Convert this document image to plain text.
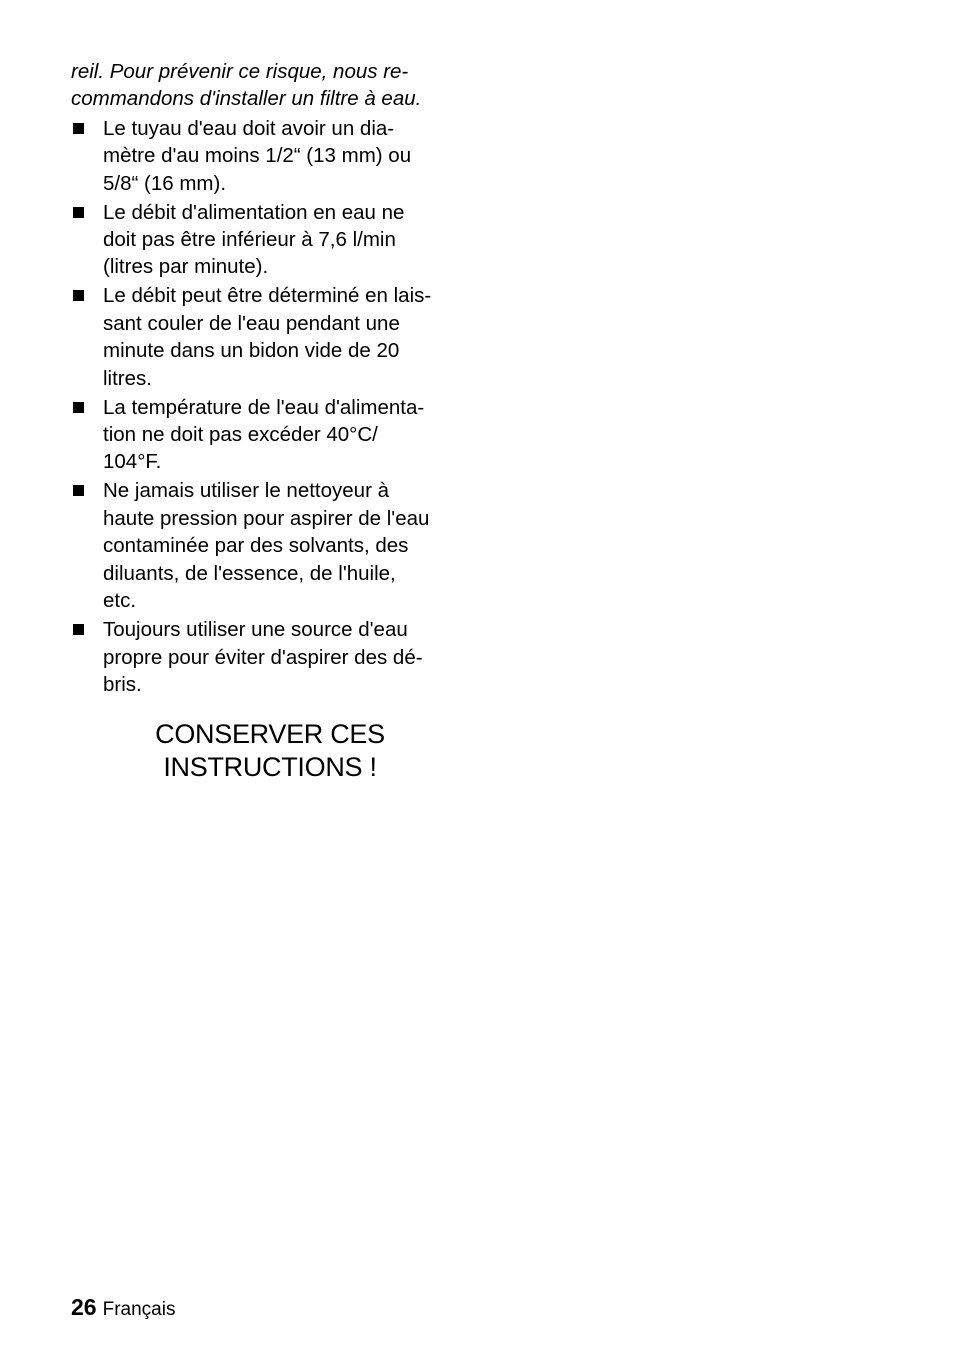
reil. Pour prévenir ce risque, nous re-
commandons d'installer un filtre à eau.

Le tuyau d'eau doit avoir un dia-
mètre d'au moins 1/2“ (13 mm) ou
5/8“ (16 mm).
Le débit d'alimentation en eau ne
doit pas être inférieur à 7,6 l/min
(litres par minute).
Le débit peut être déterminé en lais-
sant couler de l'eau pendant une
minute dans un bidon vide de 20
litres.
La température de l'eau d'alimenta-
tion ne doit pas excéder 40°C/
104°F.
Ne jamais utiliser le nettoyeur à
haute pression pour aspirer de l'eau
contaminée par des solvants, des
diluants, de l'essence, de l'huile,
etc.
Toujours utiliser une source d'eau
propre pour éviter d'aspirer des dé-
bris.
CONSERVER CES
INSTRUCTIONS !
26 Français
